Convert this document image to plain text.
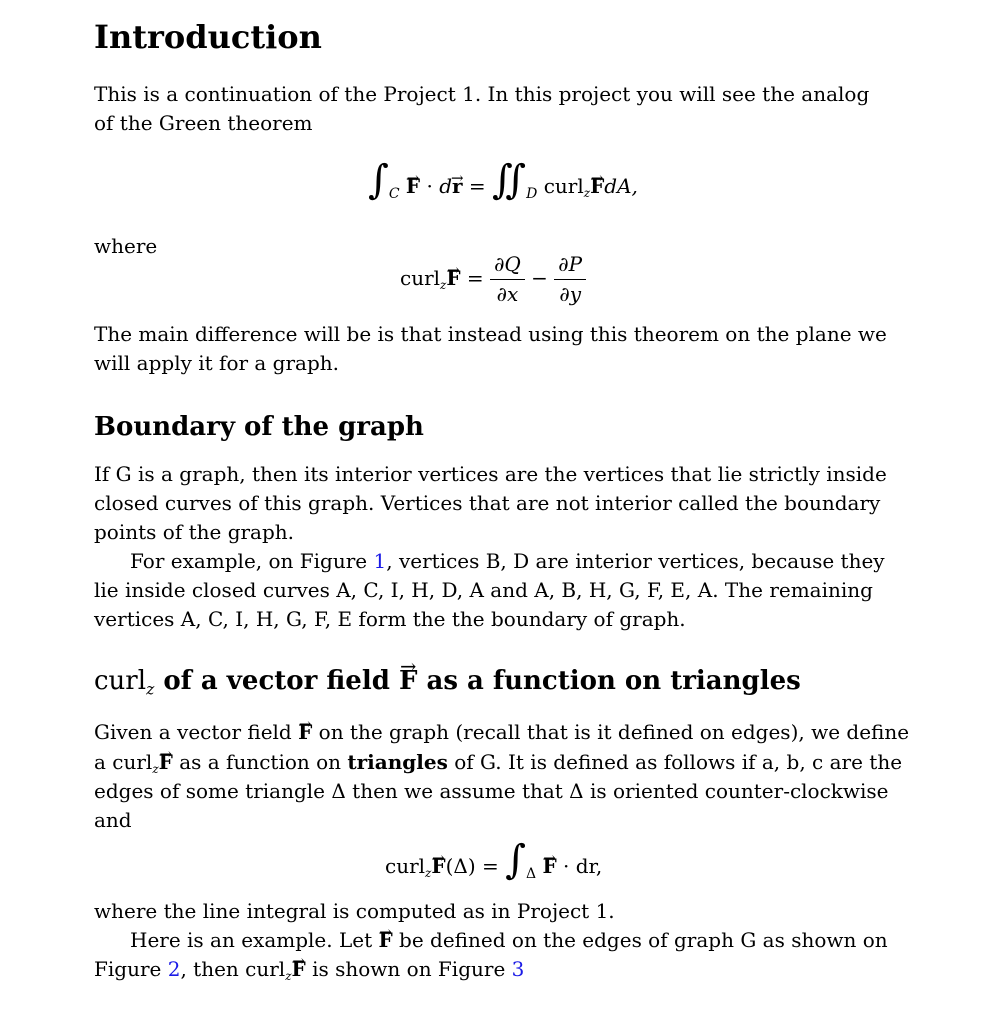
Introduction
This is a continuation of the Project 1. In this project you will see the analog
of the Green theorem
$\int_C \to F \cdot d\to r$ = $∬_D$ curl$_z$→ FdA,
where
curl$_z$→ $F = \frac{\partial Q}{\partial x} - \frac{\partial P}{\partial y}$
The main difference will be is that instead using this theorem on the plane we
will apply it for a graph.
Boundary of the graph
If G is a graph, then its interior vertices are the vertices that lie strictly inside
closed curves of this graph. Vertices that are not interior called the boundary
points of the graph.
For example, on Figure 1, vertices B, D are interior vertices, because they
lie inside closed curves A, C, I, H, D, A and A, B, H, G, F, E, A. The remaining
vertices A, C, I, H, G, F, E form the the boundary of graph.
curl$_z$ of a vector field → F as a function on triangles
Given a vector field → F on the graph (recall that is it defined on edges), we define
a curl$_z$→ F as a function on triangles of G. It is defined as follows if a, b, c are the
edges of some triangle Δ then we assume that Δ is oriented counter-clockwise
and
curl$_z$→ $F(\Delta) = \int_\Delta \to F$ · dr,
where the line integral is computed as in Project 1.
Here is an example. Let → F be defined on the edges of graph G as shown on
Figure 2, then curl$_z$→ F is shown on Figure 3
